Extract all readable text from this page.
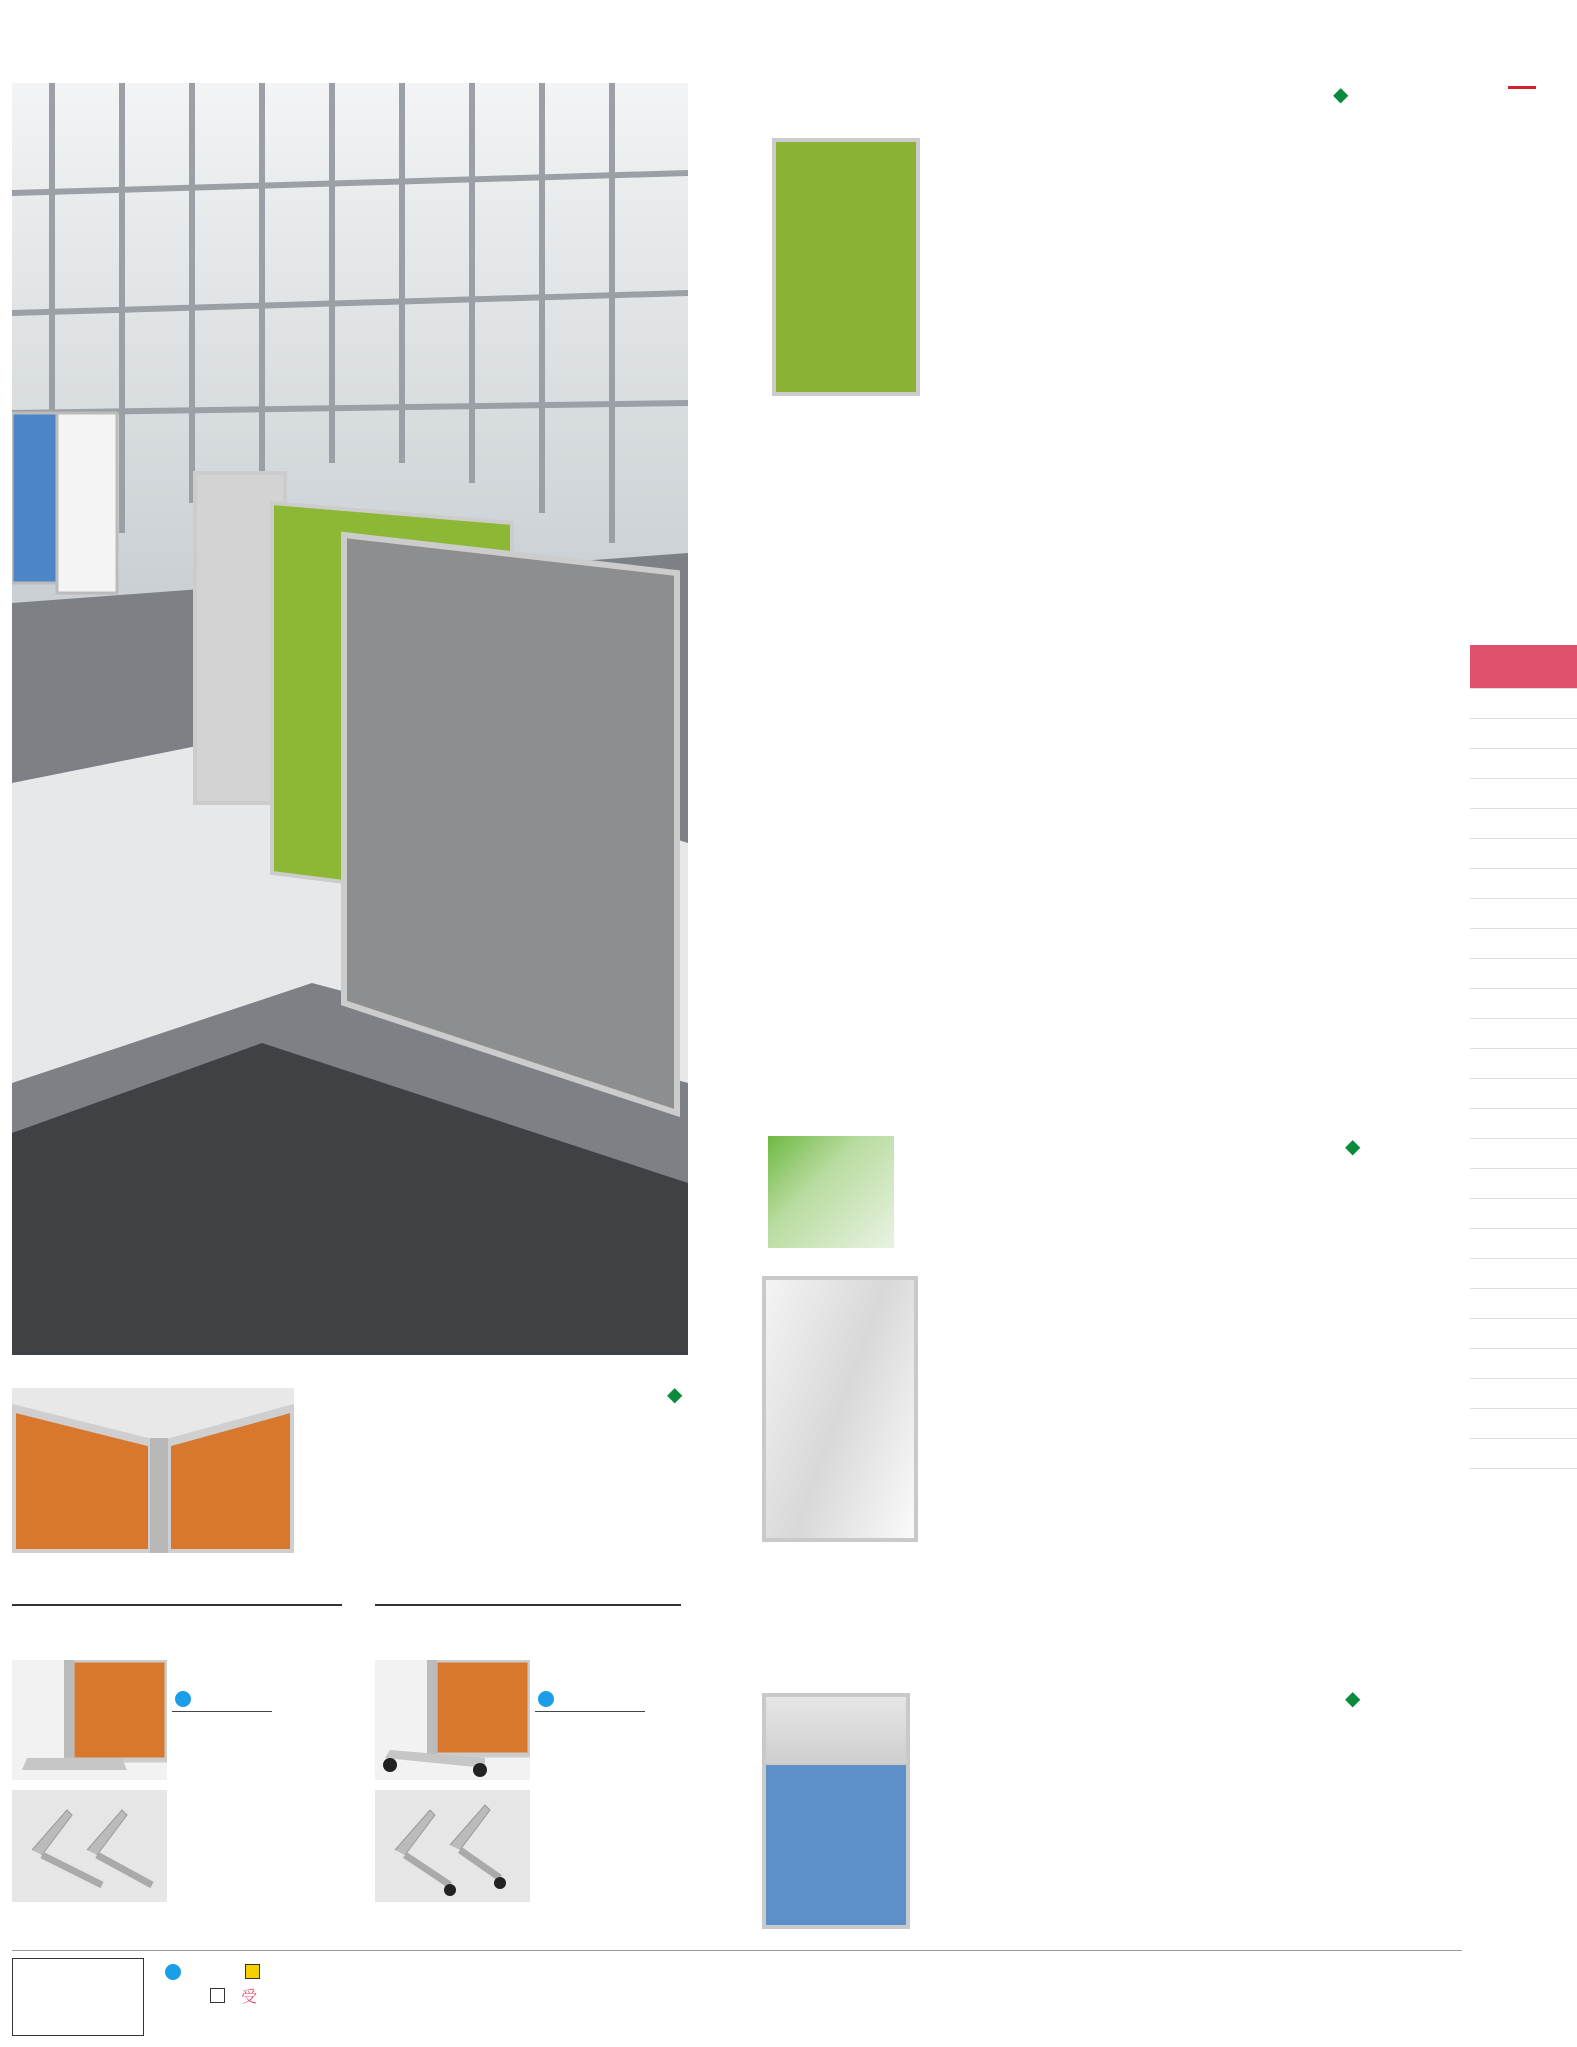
◆
◆
◆
◆

　　　　受
